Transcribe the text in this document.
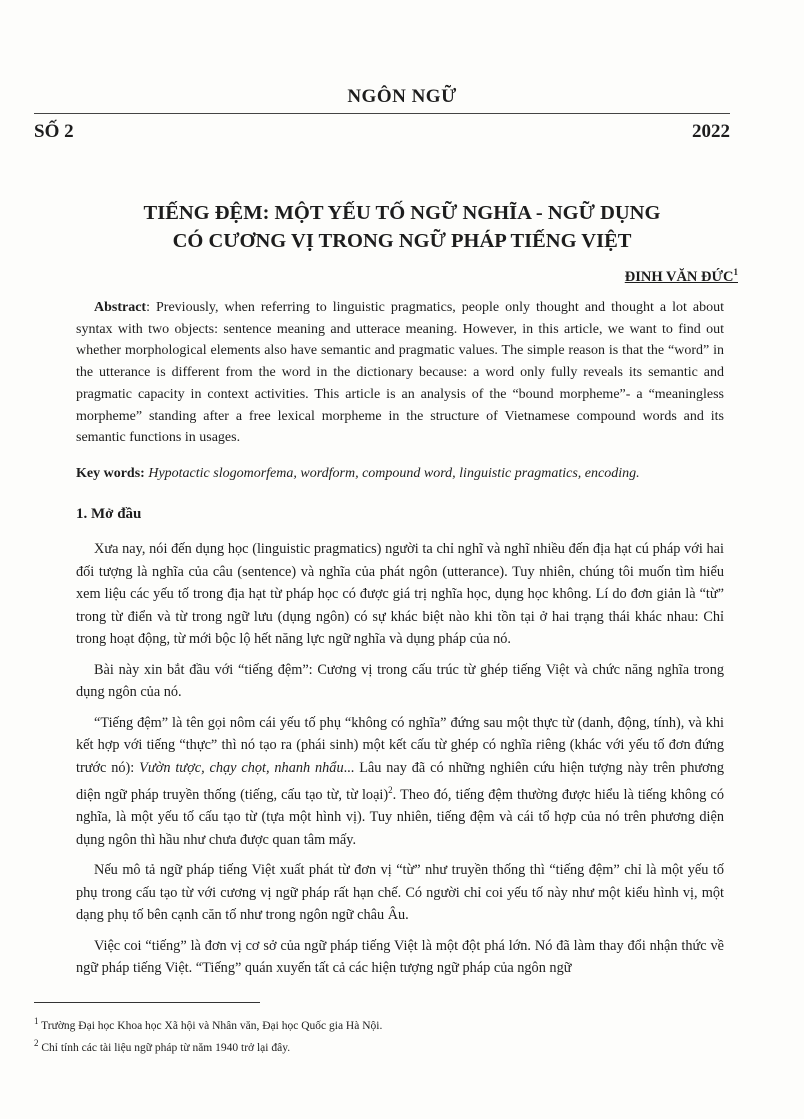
NGÔN NGỮ
SỐ 2	2022
TIẾNG ĐỆM: MỘT YẾU TỐ NGỮ NGHĨA - NGỮ DỤNG
CÓ CƯƠNG VỊ TRONG NGỮ PHÁP TIẾNG VIỆT
ĐINH VĂN ĐỨC$^1$
Abstract: Previously, when referring to linguistic pragmatics, people only thought and thought a lot about syntax with two objects: sentence meaning and utterace meaning. However, in this article, we want to find out whether morphological elements also have semantic and pragmatic values. The simple reason is that the “word” in the utterance is different from the word in the dictionary because: a word only fully reveals its semantic and pragmatic capacity in context activities. This article is an analysis of the “bound morpheme”- a “meaningless morpheme” standing after a free lexical morpheme in the structure of Vietnamese compound words and its semantic functions in usages.
Key words: Hypotactic slogomorfema, wordform, compound word, linguistic pragmatics, encoding.
1. Mở đầu

Xưa nay, nói đến dụng học (linguistic pragmatics) người ta chỉ nghĩ và nghĩ nhiều đến địa hạt cú pháp với hai đối tượng là nghĩa của câu (sentence) và nghĩa của phát ngôn (utterance). Tuy nhiên, chúng tôi muốn tìm hiểu xem liệu các yếu tố trong địa hạt từ pháp học có được giá trị nghĩa học, dụng học không. Lí do đơn giản là “từ” trong từ điển và từ trong ngữ lưu (dụng ngôn) có sự khác biệt nào khi tồn tại ở hai trạng thái khác nhau: Chỉ trong hoạt động, từ mới bộc lộ hết năng lực ngữ nghĩa và dụng pháp của nó.

Bài này xin bắt đầu với “tiếng đệm”: Cương vị trong cấu trúc từ ghép tiếng Việt và chức năng nghĩa trong dụng ngôn của nó.

“Tiếng đệm” là tên gọi nôm cái yếu tố phụ “không có nghĩa” đứng sau một thực từ (danh, động, tính), và khi kết hợp với tiếng “thực” thì nó tạo ra (phái sinh) một kết cấu từ ghép có nghĩa riêng (khác với yếu tố đơn đứng trước nó): Vườn tược, chạy chọt, nhanh nhẩu... Lâu nay đã có những nghiên cứu hiện tượng này trên phương diện ngữ pháp truyền thống (tiếng, cấu tạo từ, từ loại)$^2$. Theo đó, tiếng đệm thường được hiểu là tiếng không có nghĩa, là một yếu tố cấu tạo từ (tựa một hình vị). Tuy nhiên, tiếng đệm và cái tổ hợp của nó trên phương diện dụng ngôn thì hầu như chưa được quan tâm mấy.

Nếu mô tả ngữ pháp tiếng Việt xuất phát từ đơn vị “từ” như truyền thống thì “tiếng đệm” chỉ là một yếu tố phụ trong cấu tạo từ với cương vị ngữ pháp rất hạn chế. Có người chỉ coi yếu tố này như một kiểu hình vị, một dạng phụ tố bên cạnh căn tố như trong ngôn ngữ châu Âu.

Việc coi “tiếng” là đơn vị cơ sở của ngữ pháp tiếng Việt là một đột phá lớn. Nó đã làm thay đổi nhận thức về ngữ pháp tiếng Việt. “Tiếng” quán xuyến tất cả các hiện tượng ngữ pháp của ngôn ngữ

$^1$ Trường Đại học Khoa học Xã hội và Nhân văn, Đại học Quốc gia Hà Nội.
$^2$ Chỉ tính các tài liệu ngữ pháp từ năm 1940 trở lại đây.
